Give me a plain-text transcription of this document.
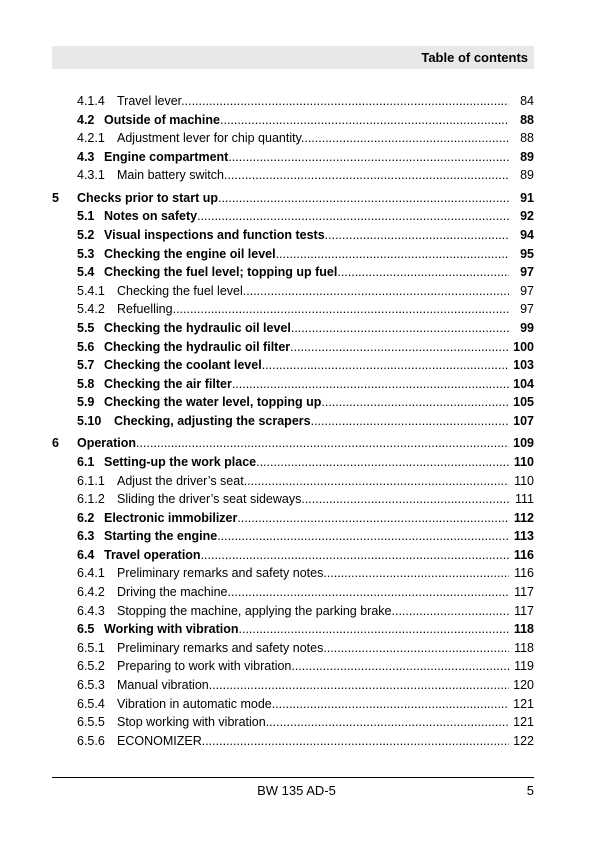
Table of contents
4.1.4 Travel lever .....	84
4.2 Outside of machine .....	88
4.2.1 Adjustment lever for chip quantity .....	88
4.3 Engine compartment .....	89
4.3.1 Main battery switch .....	89
5 Checks prior to start up .....	91
5.1 Notes on safety .....	92
5.2 Visual inspections and function tests .....	94
5.3 Checking the engine oil level .....	95
5.4 Checking the fuel level; topping up fuel .....	97
5.4.1 Checking the fuel level .....	97
5.4.2 Refuelling .....	97
5.5 Checking the hydraulic oil level .....	99
5.6 Checking the hydraulic oil filter .....	100
5.7 Checking the coolant level .....	103
5.8 Checking the air filter .....	104
5.9 Checking the water level, topping up .....	105
5.10 Checking, adjusting the scrapers .....	107
6 Operation .....	109
6.1 Setting-up the work place .....	110
6.1.1 Adjust the driver’s seat .....	110
6.1.2 Sliding the driver’s seat sideways .....	111
6.2 Electronic immobilizer .....	112
6.3 Starting the engine .....	113
6.4 Travel operation .....	116
6.4.1 Preliminary remarks and safety notes .....	116
6.4.2 Driving the machine .....	117
6.4.3 Stopping the machine, applying the parking brake .....	117
6.5 Working with vibration .....	118
6.5.1 Preliminary remarks and safety notes .....	118
6.5.2 Preparing to work with vibration .....	119
6.5.3 Manual vibration .....	120
6.5.4 Vibration in automatic mode .....	121
6.5.5 Stop working with vibration .....	121
6.5.6 ECONOMIZER .....	122
BW 135 AD-5	5
